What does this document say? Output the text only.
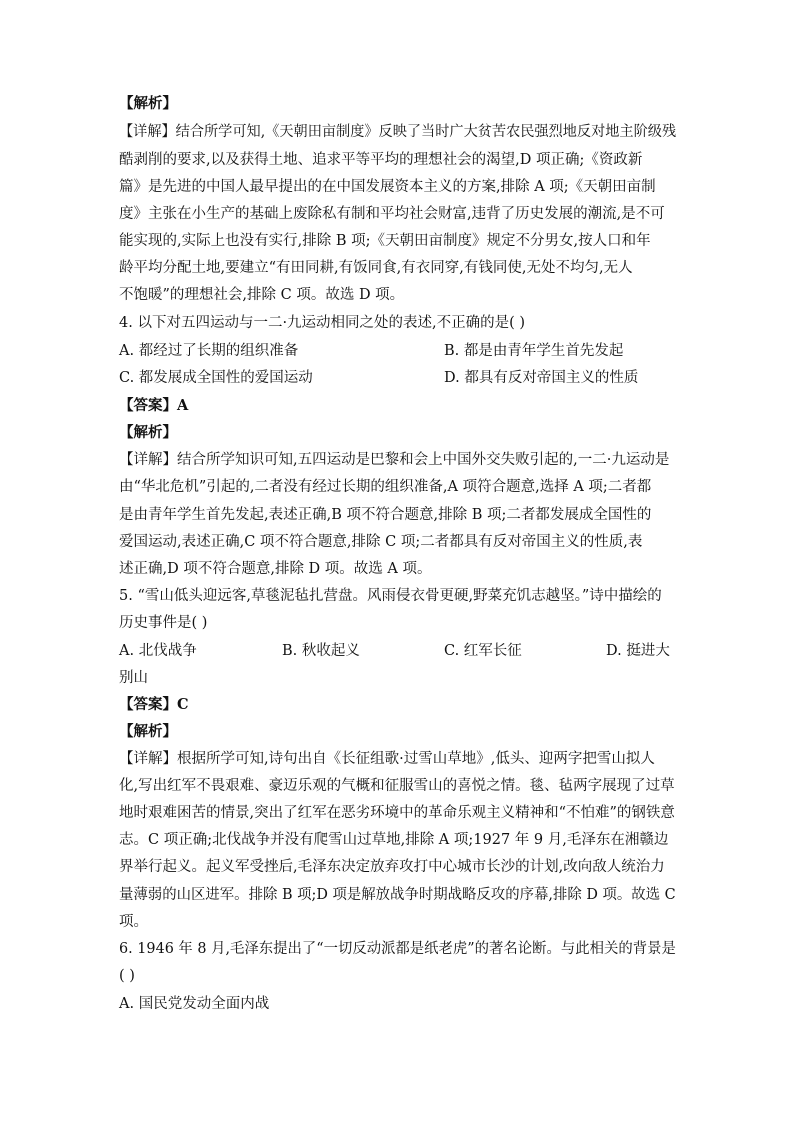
【解析】
【详解】结合所学可知,《天朝田亩制度》反映了当时广大贫苦农民强烈地反对地主阶级残
酷剥削的要求,以及获得土地、追求平等平均的理想社会的渴望,D 项正确;《资政新
篇》是先进的中国人最早提出的在中国发展资本主义的方案,排除 A 项;《天朝田亩制
度》主张在小生产的基础上废除私有制和平均社会财富,违背了历史发展的潮流,是不可
能实现的,实际上也没有实行,排除 B 项;《天朝田亩制度》规定不分男女,按人口和年
龄平均分配土地,要建立“有田同耕,有饭同食,有衣同穿,有钱同使,无处不均匀,无人
不饱暖”的理想社会,排除 C 项。故选 D 项。
4. 以下对五四运动与一二·九运动相同之处的表述,不正确的是( )
A. 都经过了长期的组织准备	B. 都是由青年学生首先发起
C. 都发展成全国性的爱国运动	D. 都具有反对帝国主义的性质
【答案】A
【解析】
【详解】结合所学知识可知,五四运动是巴黎和会上中国外交失败引起的,一二·九运动是
由“华北危机”引起的,二者没有经过长期的组织准备,A 项符合题意,选择 A 项;二者都
是由青年学生首先发起,表述正确,B 项不符合题意,排除 B 项;二者都发展成全国性的
爱国运动,表述正确,C 项不符合题意,排除 C 项;二者都具有反对帝国主义的性质,表
述正确,D 项不符合题意,排除 D 项。故选 A 项。
5. “雪山低头迎远客,草毯泥毡扎营盘。风雨侵衣骨更硬,野菜充饥志越坚。”诗中描绘的
历史事件是( )
A. 北伐战争	B. 秋收起义	C. 红军长征	D. 挺进大
别山
【答案】C
【解析】
【详解】根据所学可知,诗句出自《长征组歌·过雪山草地》,低头、迎两字把雪山拟人
化,写出红军不畏艰难、豪迈乐观的气概和征服雪山的喜悦之情。毯、毡两字展现了过草
地时艰难困苦的情景,突出了红军在恶劣环境中的革命乐观主义精神和“不怕难”的钢铁意
志。C 项正确;北伐战争并没有爬雪山过草地,排除 A 项;1927 年 9 月,毛泽东在湘赣边
界举行起义。起义军受挫后,毛泽东决定放弃攻打中心城市长沙的计划,改向敌人统治力
量薄弱的山区进军。排除 B 项;D 项是解放战争时期战略反攻的序幕,排除 D 项。故选 C
项。
6. 1946 年 8 月,毛泽东提出了“一切反动派都是纸老虎”的著名论断。与此相关的背景是
( )
A. 国民党发动全面内战
